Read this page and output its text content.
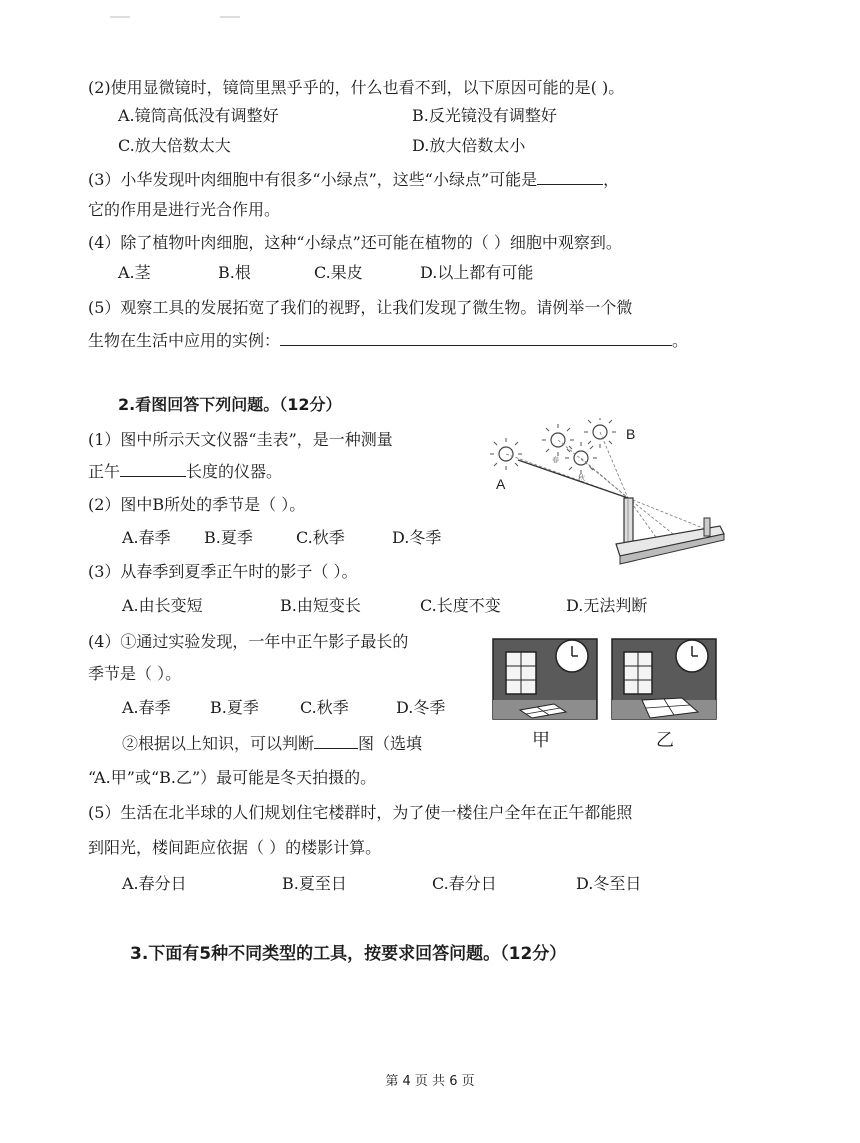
(2)使用显微镜时，镜筒里黑乎乎的，什么也看不到，以下原因可能的是( )。
A.镜筒高低没有调整好	B.反光镜没有调整好
C.放大倍数太大	D.放大倍数太小
(3）小华发现叶肉细胞中有很多“小绿点”，这些“小绿点”可能是	，
它的作用是进行光合作用。
(4）除了植物叶肉细胞，这种“小绿点”还可能在植物的（ ）细胞中观察到。
A.茎	B.根	C.果皮	D.以上都有可能
(5）观察工具的发展拓宽了我们的视野，让我们发现了微生物。请例举一个微
生物在生活中应用的实例：	。
2.看图回答下列问题。（12分）
(1）图中所示天文仪器“圭表”，是一种测量
正午	长度的仪器。
(2）图中B所处的季节是（ ）。
A.春季 B.夏季	C.秋季	D.冬季
(3）从春季到夏季正午时的影子（ ）。
A.由长变短	B.由短变长	C.长度不变	D.无法判断
(4）①通过实验发现，一年中正午影子最长的
季节是（ ）。
A.春季 B.夏季	C.秋季	D.冬季
②根据以上知识，可以判断	图（选填
“A.甲”或“B.乙”）最可能是冬天拍摄的。
(5）生活在北半球的人们规划住宅楼群时，为了使一楼住户全年在正午都能照
到阳光，楼间距应依据（ ）的楼影计算。
A.春分日	B.夏至日	C.春分日	D.冬至日
春
秋
A
B
甲	乙
3.下面有5种不同类型的工具，按要求回答问题。（12分）
第 4 页 共 6 页
